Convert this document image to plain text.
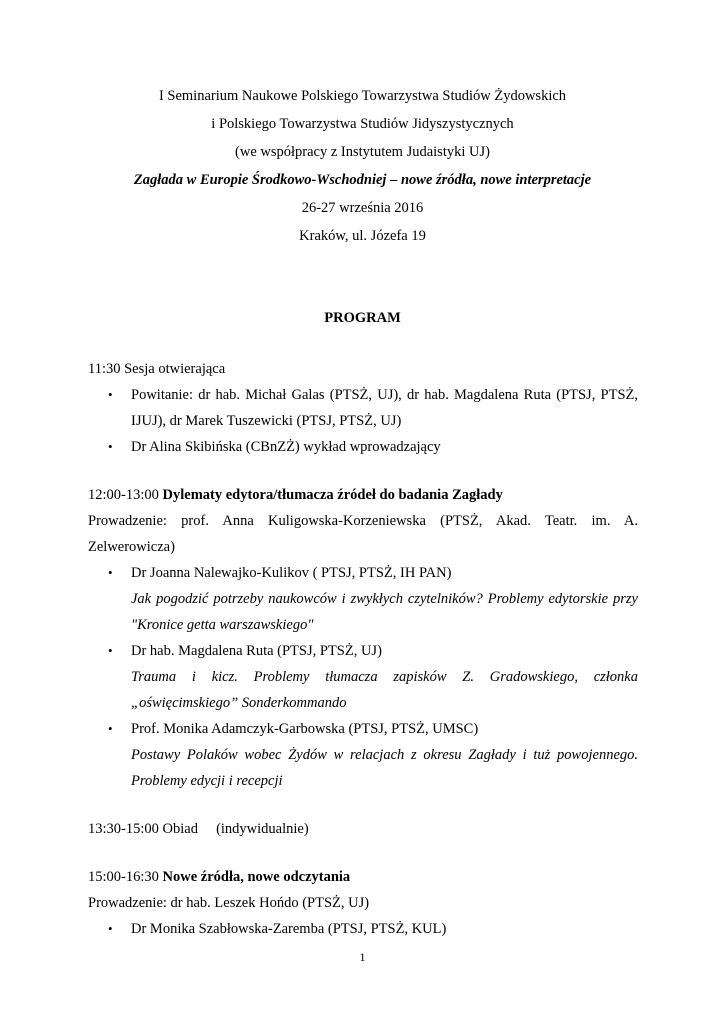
I Seminarium Naukowe Polskiego Towarzystwa Studiów Żydowskich
i Polskiego Towarzystwa Studiów Jidyszystycznych
(we współpracy z Instytutem Judaistyki UJ)
Zagłada w Europie Środkowo-Wschodniej – nowe źródła, nowe interpretacje
26-27 września 2016
Kraków, ul. Józefa 19
PROGRAM
11:30 Sesja otwierająca
• Powitanie: dr hab. Michał Galas (PTSŻ, UJ), dr hab. Magdalena Ruta (PTSJ, PTSŻ,
IJUJ), dr Marek Tuszewicki (PTSJ, PTSŻ, UJ)
• Dr Alina Skibińska (CBnZŻ) wykład wprowadzający
12:00-13:00 Dylematy edytora/tłumacza źródeł do badania Zagłady
Prowadzenie: prof. Anna Kuligowska-Korzeniewska (PTSŻ, Akad. Teatr. im. A.
Zelwerowicza)
• Dr Joanna Nalewajko-Kulikov ( PTSJ, PTSŻ, IH PAN)
Jak pogodzić potrzeby naukowców i zwykłych czytelników? Problemy edytorskie przy
"Kronice getta warszawskiego"
• Dr hab. Magdalena Ruta (PTSJ, PTSŻ, UJ)
Trauma i kicz. Problemy tłumacza zapisków Z. Gradowskiego, członka
„oświęcimskiego” Sonderkommando
• Prof. Monika Adamczyk-Garbowska (PTSJ, PTSŻ, UMSC)
Postawy Polaków wobec Żydów w relacjach z okresu Zagłady i tuż powojennego.
Problemy edycji i recepcji
13:30-15:00 Obiad (indywidualnie)
15:00-16:30 Nowe źródła, nowe odczytania
Prowadzenie: dr hab. Leszek Hońdo (PTSŻ, UJ)
• Dr Monika Szabłowska-Zaremba (PTSJ, PTSŻ, KUL)
1
